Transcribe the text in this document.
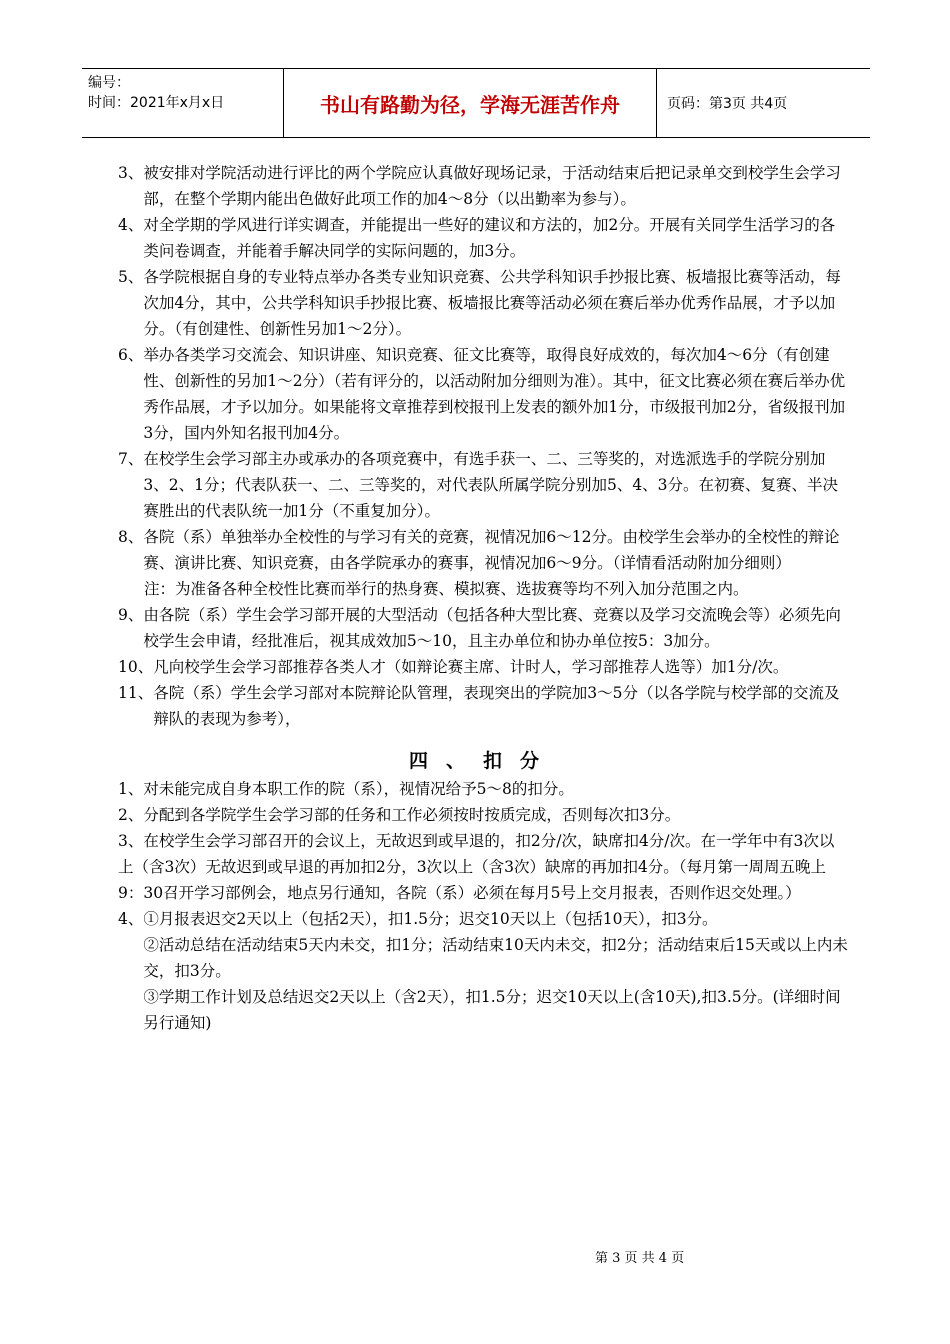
编号：
时间：2021年x月x日	书山有路勤为径，学海无涯苦作舟	页码：第3页 共4页
3、 被安排对学院活动进行评比的两个学院应认真做好现场记录，于活动结束后把记录单交到校学生会学习部，在整个学期内能出色做好此项工作的加4～8分（以出勤率为参与）。
4、 对全学期的学风进行详实调查，并能提出一些好的建议和方法的，加2分。开展有关同学生活学习的各类问卷调查，并能着手解决同学的实际问题的，加3分。
5、 各学院根据自身的专业特点举办各类专业知识竞赛、公共学科知识手抄报比赛、板墙报比赛等活动，每次加4分，其中，公共学科知识手抄报比赛、板墙报比赛等活动必须在赛后举办优秀作品展，才予以加分。（有创建性、创新性另加1～2分）。
6、 举办各类学习交流会、知识讲座、知识竞赛、征文比赛等，取得良好成效的，每次加4～6分（有创建性、创新性的另加1～2分）（若有评分的，以活动附加分细则为准）。其中，征文比赛必须在赛后举办优秀作品展，才予以加分。如果能将文章推荐到校报刊上发表的额外加1分，市级报刊加2分，省级报刊加3分，国内外知名报刊加4分。
7、 在校学生会学习部主办或承办的各项竞赛中，有选手获一、二、三等奖的，对选派选手的学院分别加3、2、1分；代表队获一、二、三等奖的，对代表队所属学院分别加5、4、3分。在初赛、复赛、半决赛胜出的代表队统一加1分（不重复加分）。
8、 各院（系）单独举办全校性的与学习有关的竞赛，视情况加6～12分。由校学生会举办的全校性的辩论赛、演讲比赛、知识竞赛，由各学院承办的赛事，视情况加6～9分。（详情看活动附加分细则）
注： 为准备各种全校性比赛而举行的热身赛、模拟赛、选拔赛等均不列入加分范围之内。
9、 由各院（系）学生会学习部开展的大型活动（包括各种大型比赛、竞赛以及学习交流晚会等）必须先向校学生会申请，经批准后，视其成效加5～10，且主办单位和协办单位按5：3加分。
10、 凡向校学生会学习部推荐各类人才（如辩论赛主席、计时人，学习部推荐人选等）加1分/次。
11、 各院（系）学生会学习部对本院辩论队管理，表现突出的学院加3～5分（以各学院与校学部的交流及辩队的表现为参考），
四、扣分
1、 对未能完成自身本职工作的院（系），视情况给予5～8的扣分。
2、 分配到各学院学生会学习部的任务和工作必须按时按质完成，否则每次扣3分。
3、在校学生会学习部召开的会议上，无故迟到或早退的，扣2分/次，缺席扣4分/次。在一学年中有3次以上（含3次）无故迟到或早退的再加扣2分，3次以上（含3次）缺席的再加扣4分。（每月第一周周五晚上9：30召开学习部例会，地点另行通知，各院（系）必须在每月5号上交月报表，否则作迟交处理。）
4、 ①月报表迟交2天以上（包括2天），扣1.5分；迟交10天以上（包括10天），扣3分。
②活动总结在活动结束5天内未交，扣1分；活动结束10天内未交，扣2分；活动结束后15天或以上内未交，扣3分。
③学期工作计划及总结迟交2天以上（含2天），扣1.5分；迟交10天以上(含10天),扣3.5分。(详细时间另行通知)
第 3 页 共 4 页
